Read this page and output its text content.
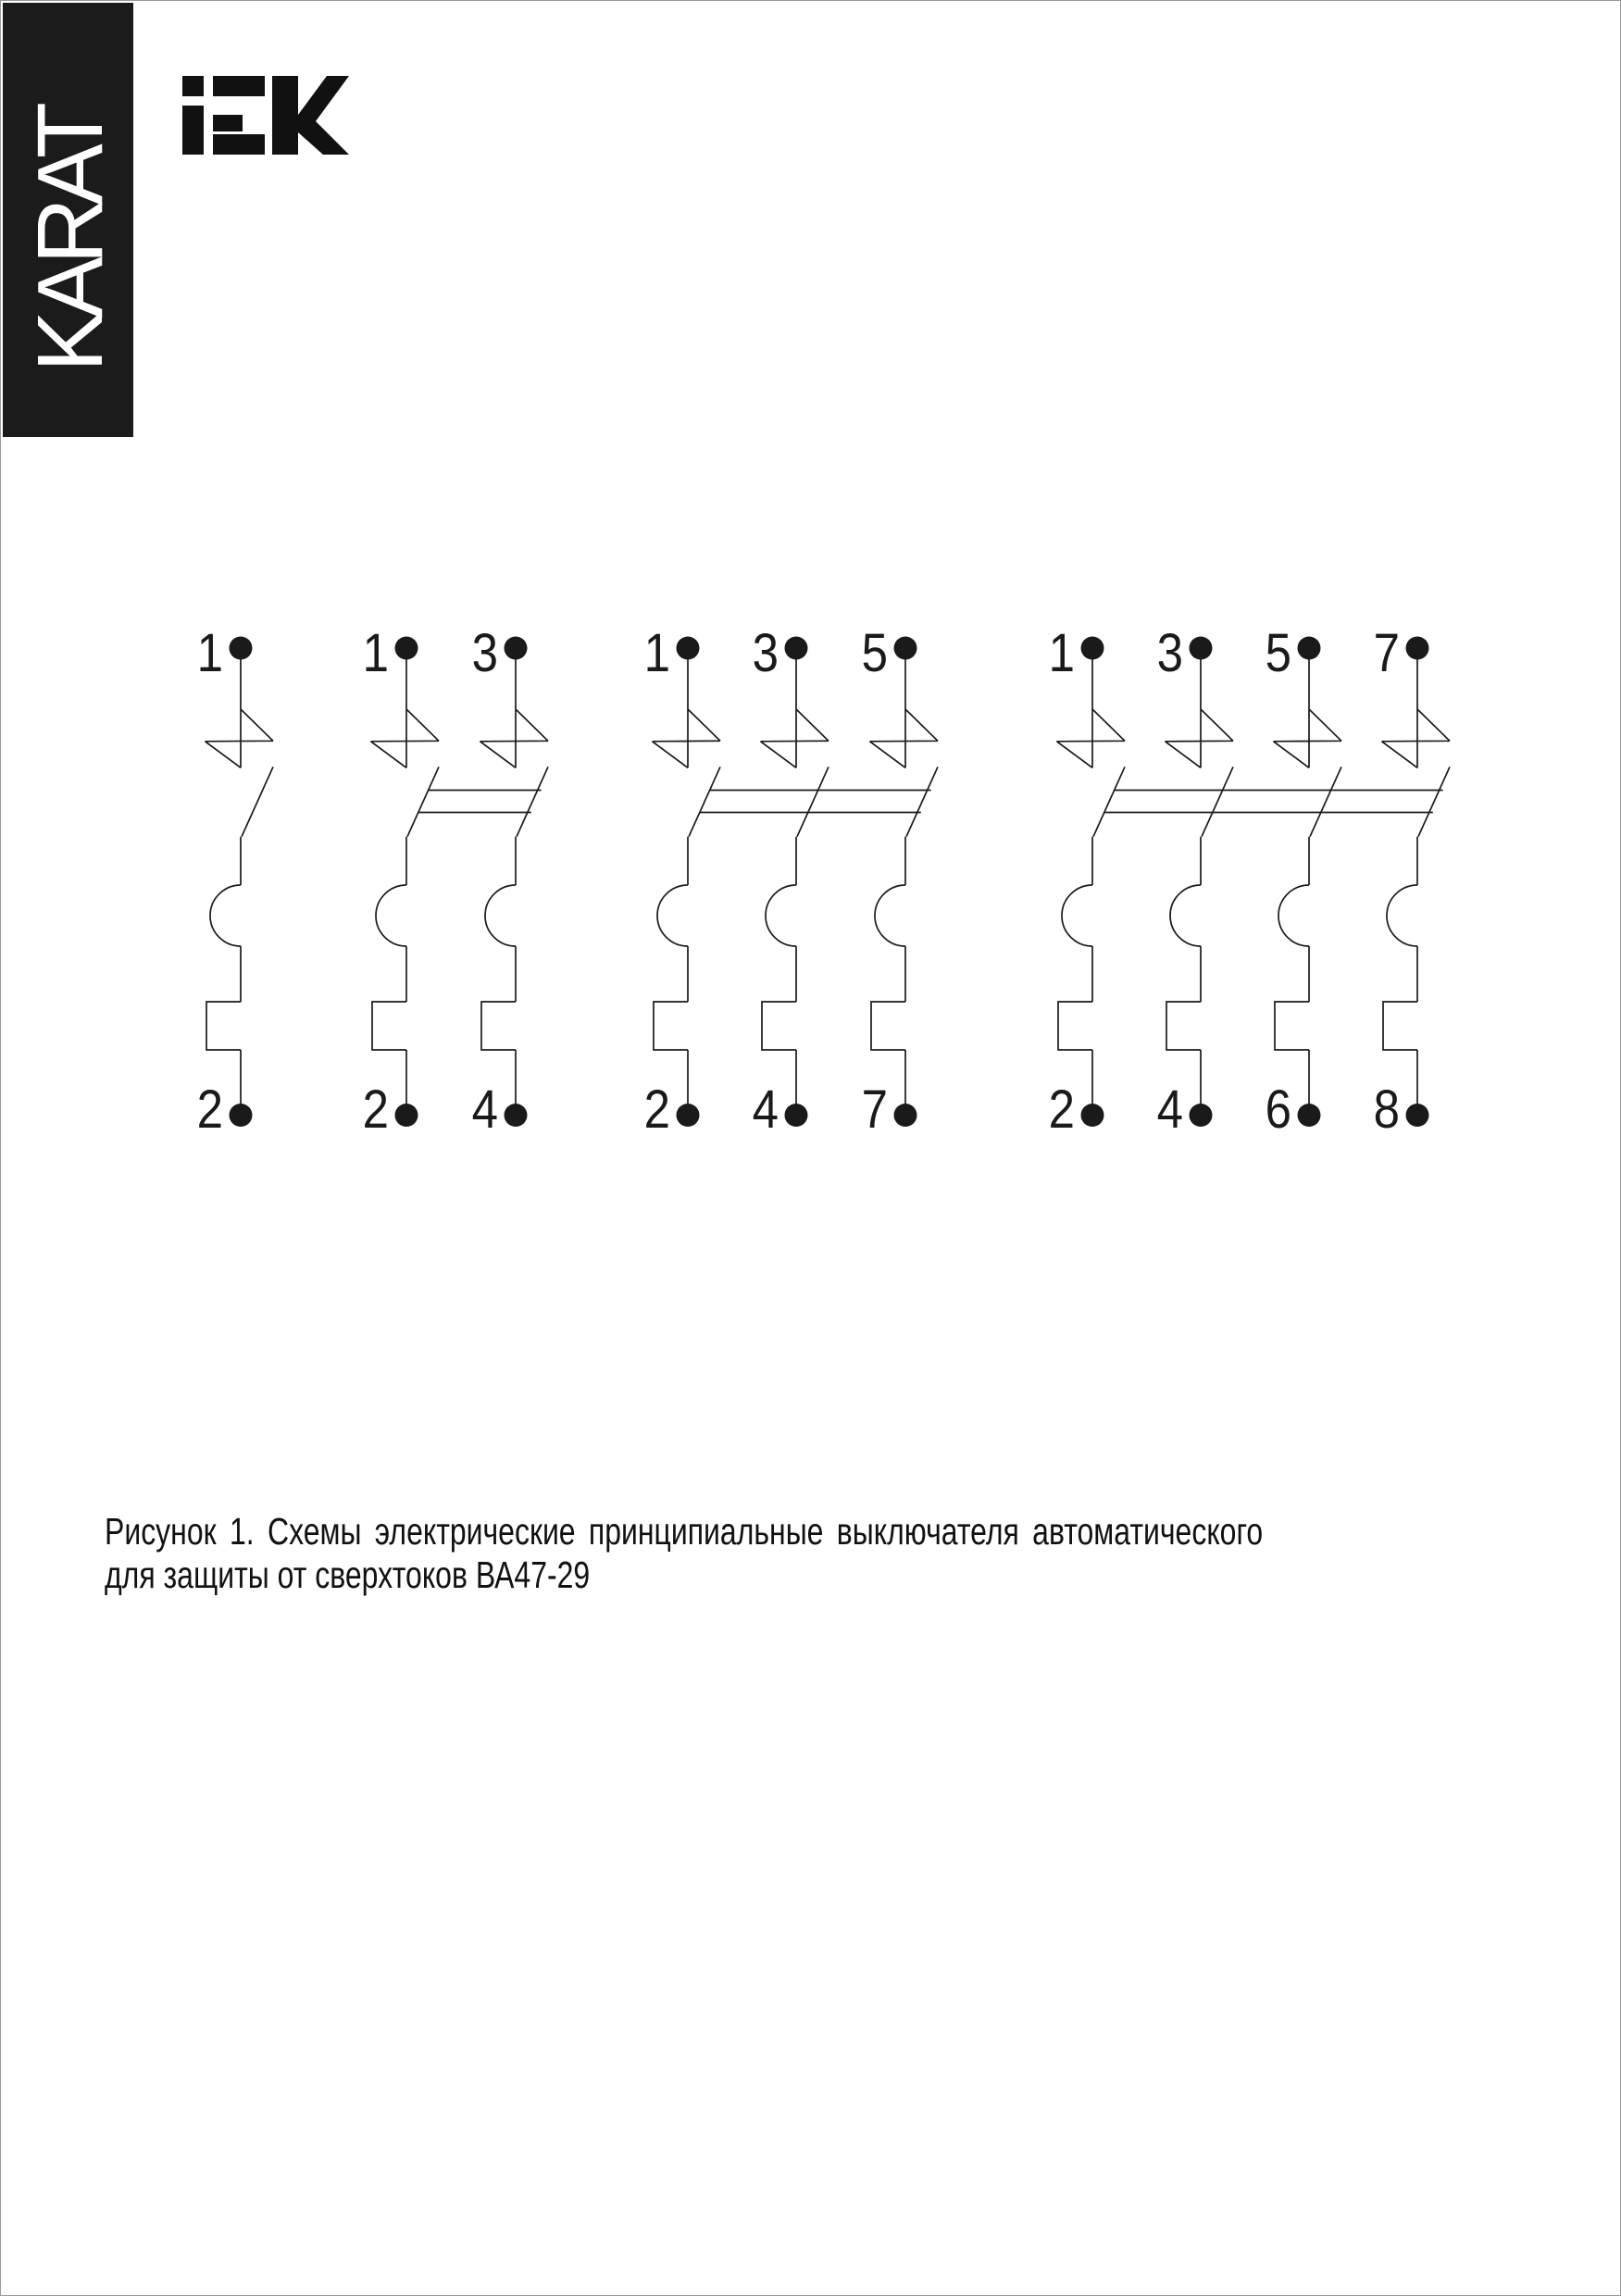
KARAT
1
2
1
2
3
4
1
2
3
4
5
7
1
2
3
4
5
6
7
8
Рисунок 1. Схемы электрические принципиальные выключателя автоматического
для защиты от сверхтоков ВА47-29
